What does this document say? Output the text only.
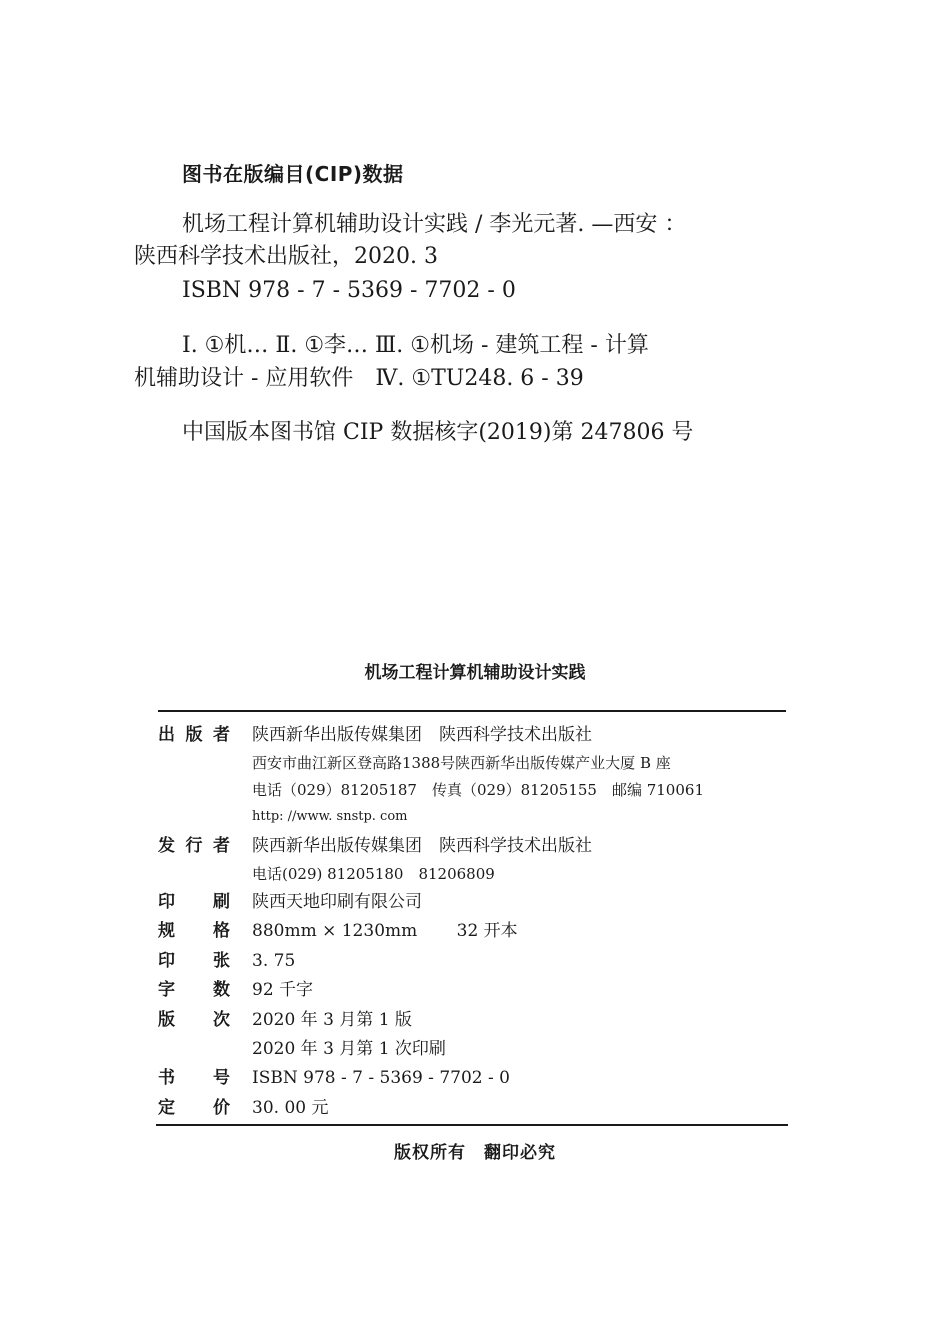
图书在版编目(CIP)数据
机场工程计算机辅助设计实践 / 李光元著. —西安 ：
陕西科学技术出版社，2020. 3
ISBN 978 - 7 - 5369 - 7702 - 0
Ⅰ. ①机… Ⅱ. ①李… Ⅲ. ①机场 - 建筑工程 - 计算
机辅助设计 - 应用软件　Ⅳ. ①TU248. 6 - 39
中国版本图书馆 CIP 数据核字(2019)第 247806 号
机场工程计算机辅助设计实践
出 版 者 陕西新华出版传媒集团　陕西科学技术出版社
西安市曲江新区登高路1388号陕西新华出版传媒产业大厦 B 座
电话（029）81205187　传真（029）81205155　邮编 710061
http: //www. snstp. com
发 行 者 陕西新华出版传媒集团　陕西科学技术出版社
电话(029) 81205180　81206809
印 刷 陕西天地印刷有限公司
规 格 880mm × 1230mm　　 32 开本
印 张 3. 75
字 数 92 千字
版 次 2020 年 3 月第 1 版
2020 年 3 月第 1 次印刷
书 号 ISBN 978 - 7 - 5369 - 7702 - 0
定 价 30. 00 元
版权所有　翻印必究
